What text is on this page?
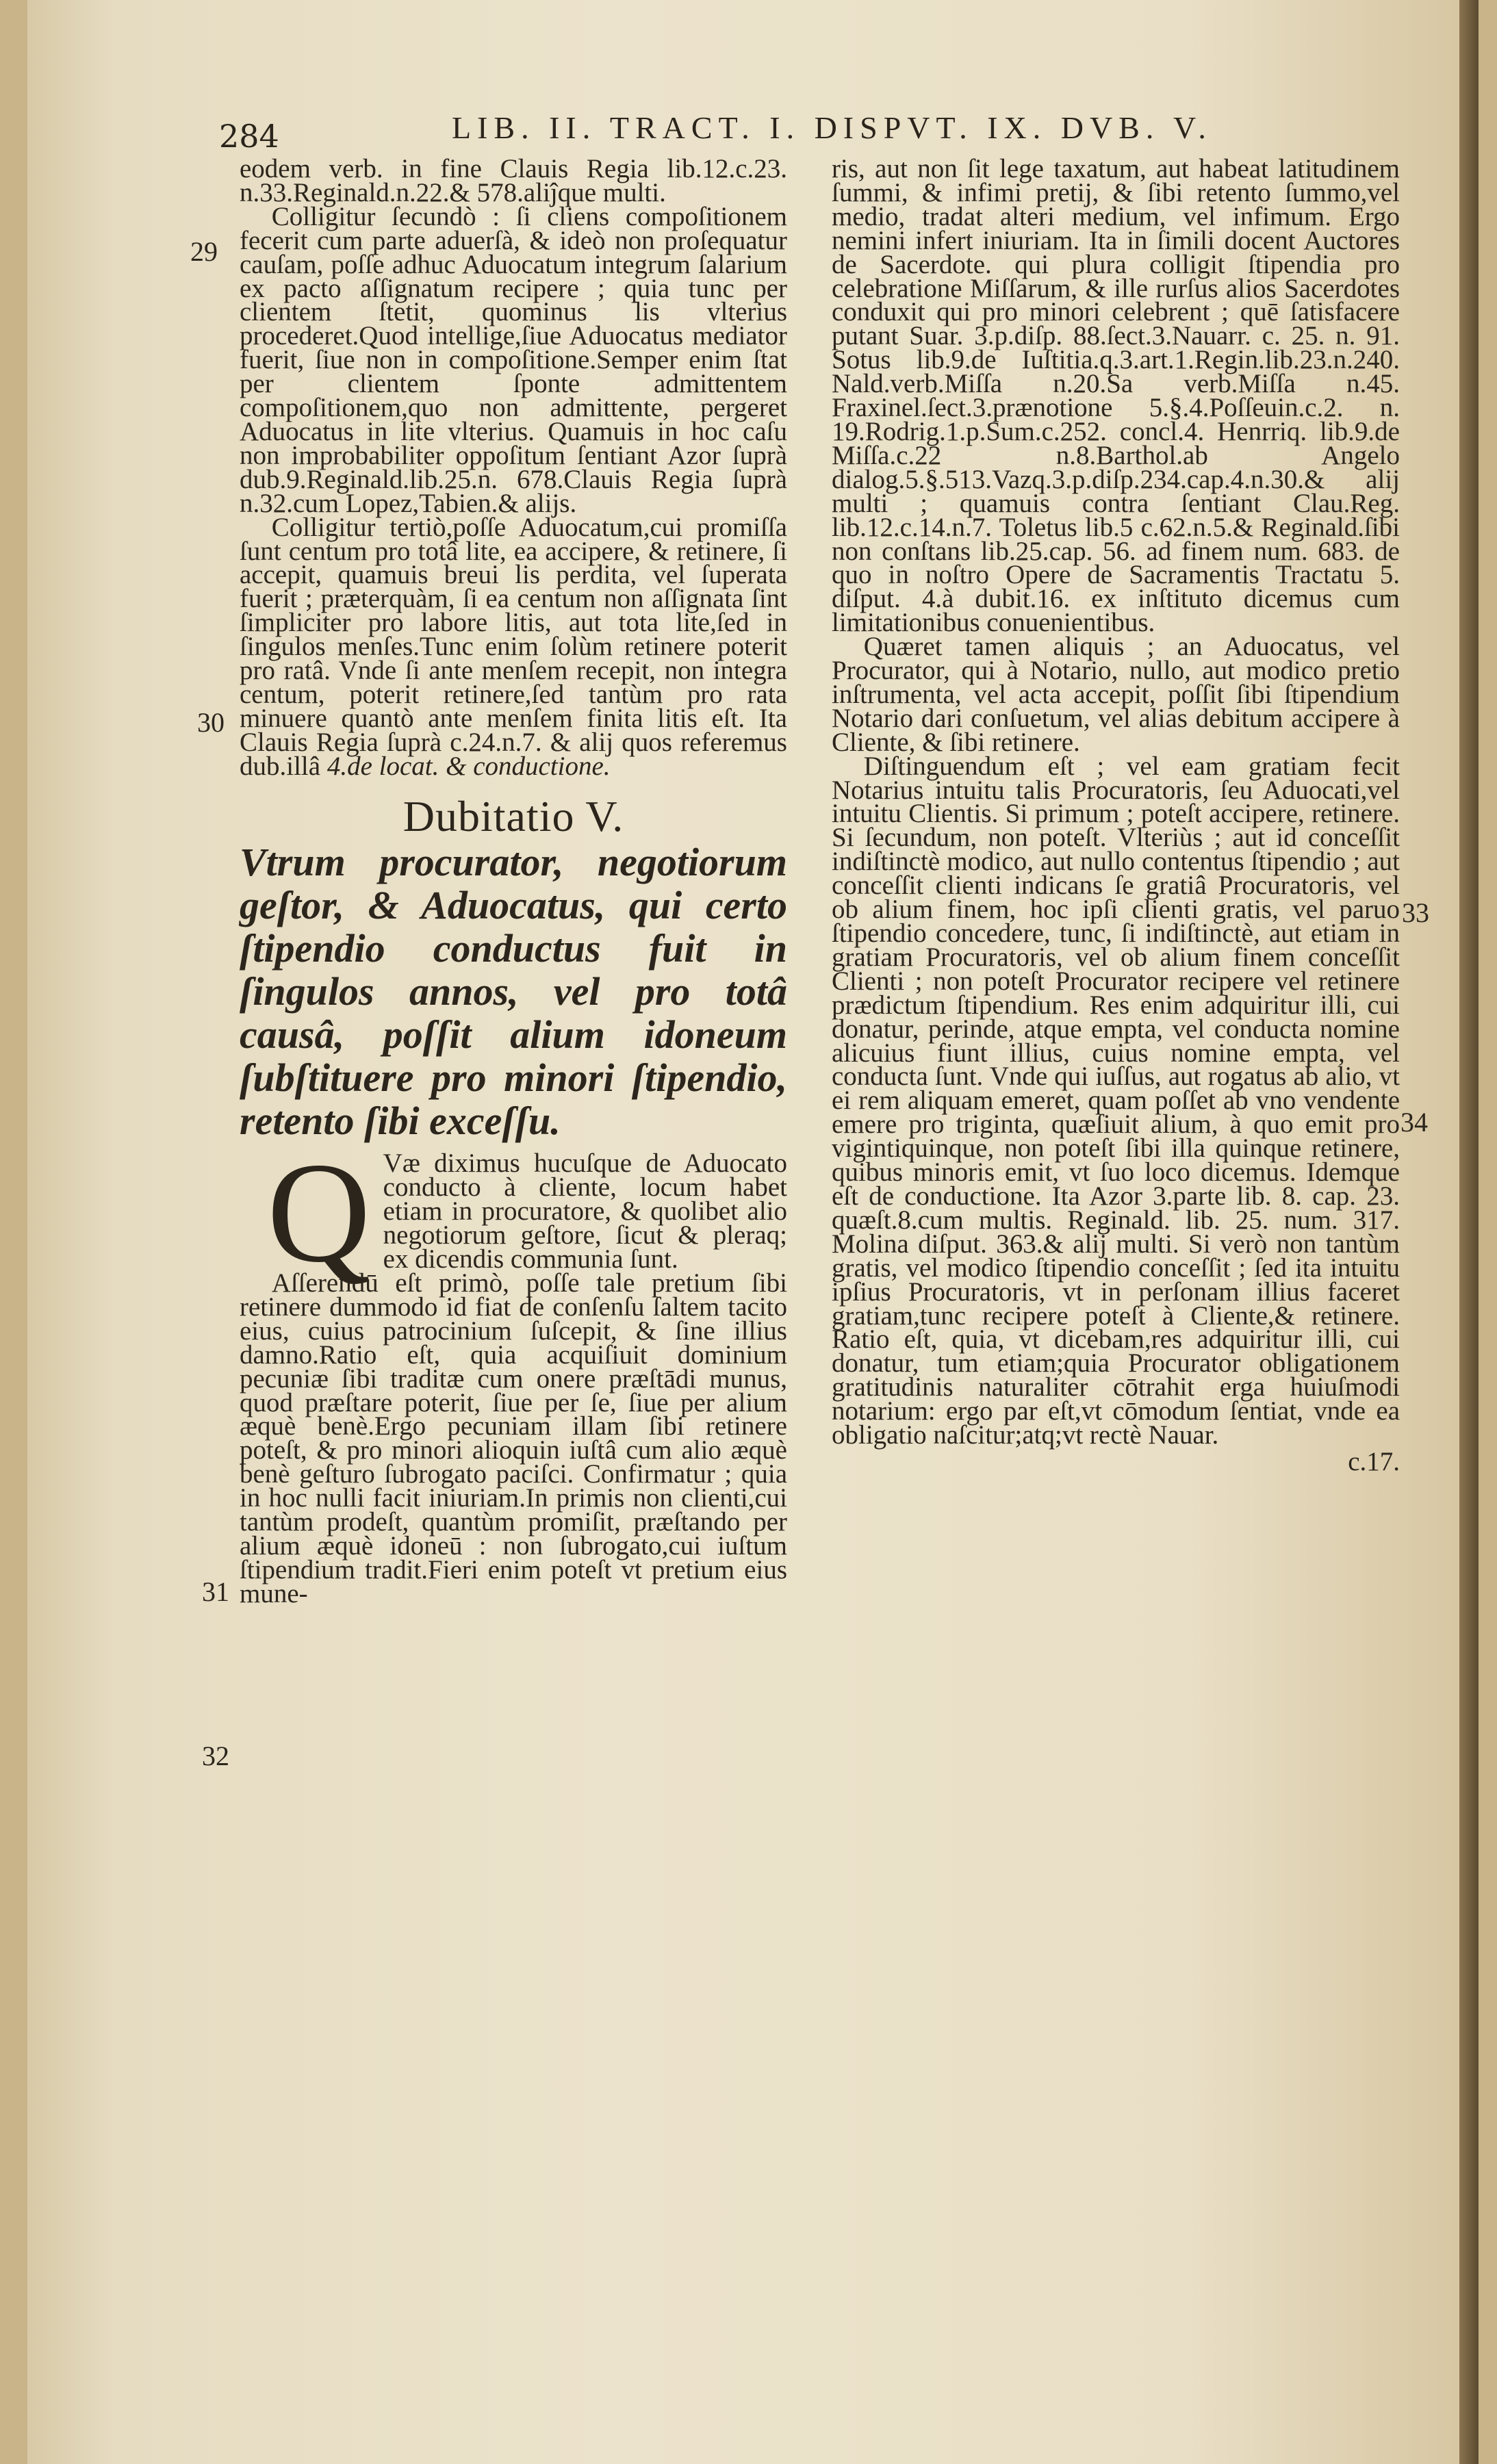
284	LIB. II. TRACT. I. DISPVT. IX. DVB. V.
29
30
31
32
33
34

eodem verb. in fine Clauis Regia lib.12.c.23. n.33.Reginald.n.22.& 578.aliĵque multi.

Colligitur ſecundò : ſi cliens compoſitionem fecerit cum parte aduerſà, & ideò non proſequatur cauſam, poſſe adhuc Aduocatum integrum ſalarium ex pacto aſſignatum recipere ; quia tunc per clientem ſtetit, quominus lis vlterius procederet.Quod intellige,ſiue Aduocatus mediator fuerit, ſiue non in compoſitione.Semper enim ſtat per clientem ſponte admittentem compoſitionem,quo non admittente, pergeret Aduocatus in lite vlterius. Quamuis in hoc caſu non improbabiliter oppoſitum ſentiant Azor ſuprà dub.9.Reginald.lib.25.n. 678.Clauis Regia ſuprà n.32.cum Lopez,Tabien.& alijs.

Colligitur tertiò,poſſe Aduocatum,cui promiſſa ſunt centum pro totâ lite, ea accipere, & retinere, ſi accepit, quamuis breui lis perdita, vel ſuperata fuerit ; præterquàm, ſi ea centum non aſſignata ſint ſimpliciter pro labore litis, aut tota lite,ſed in ſingulos menſes.Tunc enim ſolùm retinere poterit pro ratâ. Vnde ſi ante menſem recepit, non integra centum, poterit retinere,ſed tantùm pro rata minuere quantò ante menſem finita litis eſt. Ita Clauis Regia ſuprà c.24.n.7. & alij quos referemus dub.illâ 4.de locat. & conductione.

Dubitatio V.
Vtrum procurator, negotiorum geſtor, & Aduocatus, qui certo ſtipendio conductus fuit in ſingulos annos, vel pro totâ causâ, poſſit alium idoneum ſubſtituere pro minori ſtipendio, retento ſibi exceſſu.

Q Væ diximus hucuſque de Aduocato conducto à cliente, locum habet etiam in procuratore, & quolibet alio negotiorum geſtore, ſicut & pleraq; ex dicendis communia ſunt.

Aſſerendū eſt primò, poſſe tale pretium ſibi retinere dummodo id fiat de conſenſu ſaltem tacito eius, cuius patrocinium ſuſcepit, & ſine illius damno.Ratio eſt, quia acquiſiuit dominium pecuniæ ſibi traditæ cum onere præſtādi munus, quod præſtare poterit, ſiue per ſe, ſiue per alium æquè benè.Ergo pecuniam illam ſibi retinere poteſt, & pro minori alioquin iuſtâ cum alio æquè benè geſturo ſubrogato paciſci. Confirmatur ; quia in hoc nulli facit iniuriam.In primis non clienti,cui tantùm prodeſt, quantùm promiſit, præſtando per alium æquè idoneū : non ſubrogato,cui iuſtum ſtipendium tradit.Fieri enim poteſt vt pretium eius mune-

ris, aut non ſit lege taxatum, aut habeat latitudinem ſummi, & infimi pretij, & ſibi retento ſummo,vel medio, tradat alteri medium, vel infimum. Ergo nemini infert iniuriam. Ita in ſimili docent Auctores de Sacerdote. qui plura colligit ſtipendia pro celebratione Miſſarum, & ille rurſus alios Sacerdotes conduxit qui pro minori celebrent ; quē ſatisfacere putant Suar. 3.p.diſp. 88.ſect.3.Nauarr. c. 25. n. 91. Sotus lib.9.de Iuſtitia.q.3.art.1.Regin.lib.23.n.240. Nald.verb.Miſſa n.20.Sa verb.Miſſa n.45. Fraxinel.ſect.3.prænotione 5.§.4.Poſſeuin.c.2. n. 19.Rodrig.1.p.Sum.c.252. concl.4. Henrriq. lib.9.de Miſſa.c.22 n.8.Barthol.ab Angelo dialog.5.§.513.Vazq.3.p.diſp.234.cap.4.n.30.& alij multi ; quamuis contra ſentiant Clau.Reg. lib.12.c.14.n.7. Toletus lib.5 c.62.n.5.& Reginald.ſibi non conſtans lib.25.cap. 56. ad finem num. 683. de quo in noſtro Opere de Sacramentis Tractatu 5. diſput. 4.à dubit.16. ex inſtituto dicemus cum limitationibus conuenientibus.

Quæret tamen aliquis ; an Aduocatus, vel Procurator, qui à Notario, nullo, aut modico pretio inſtrumenta, vel acta accepit, poſſit ſibi ſtipendium Notario dari conſuetum, vel alias debitum accipere à Cliente, & ſibi retinere.

Diſtinguendum eſt ; vel eam gratiam fecit Notarius intuitu talis Procuratoris, ſeu Aduocati,vel intuitu Clientis. Si primum ; poteſt accipere, retinere. Si ſecundum, non poteſt. Vlteriùs ; aut id conceſſit indiſtinctè modico, aut nullo contentus ſtipendio ; aut conceſſit clienti indicans ſe gratiâ Procuratoris, vel ob alium finem, hoc ipſi clienti gratis, vel paruo ſtipendio concedere, tunc, ſi indiſtinctè, aut etiam in gratiam Procuratoris, vel ob alium finem conceſſit Clienti ; non poteſt Procurator recipere vel retinere prædictum ſtipendium. Res enim adquiritur illi, cui donatur, perinde, atque empta, vel conducta nomine alicuius fiunt illius, cuius nomine empta, vel conducta ſunt. Vnde qui iuſſus, aut rogatus ab alio, vt ei rem aliquam emeret, quam poſſet ab vno vendente emere pro triginta, quæſiuit alium, à quo emit pro vigintiquinque, non poteſt ſibi illa quinque retinere, quibus minoris emit, vt ſuo loco dicemus. Idemque eſt de conductione. Ita Azor 3.parte lib. 8. cap. 23. quæſt.8.cum multis. Reginald. lib. 25. num. 317. Molina diſput. 363.& alij multi. Si verò non tantùm gratis, vel modico ſtipendio conceſſit ; ſed ita intuitu ipſius Procuratoris, vt in perſonam illius faceret gratiam,tunc recipere poteſt à Cliente,& retinere. Ratio eſt, quia, vt dicebam,res adquiritur illi, cui donatur, tum etiam;quia Procurator obligationem gratitudinis naturaliter cōtrahit erga huiuſmodi notarium: ergo par eſt,vt cōmodum ſentiat, vnde ea obligatio naſcitur;atq;vt rectè Nauar.

c.17.
